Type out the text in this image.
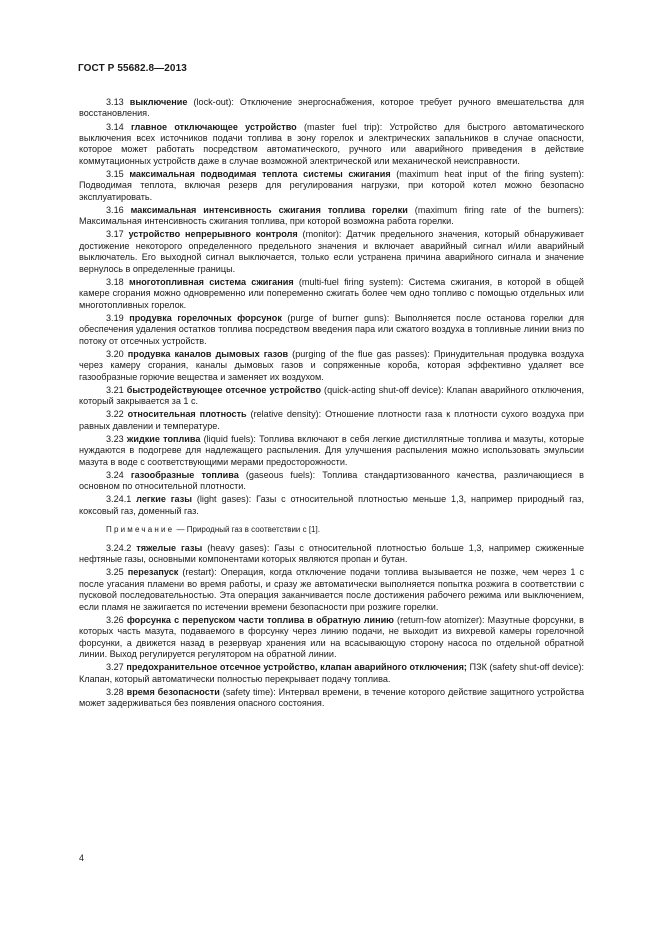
ГОСТ Р 55682.8—2013

3.13 выключение (lock-out): Отключение энергоснабжения, которое требует ручного вмешательства для восстановления.

3.14 главное отключающее устройство (master fuel trip): Устройство для быстрого автоматического выключения всех источников подачи топлива в зону горелок и электрических запальников в случае опасности, которое может работать посредством автоматического, ручного или аварийного приведения в действие коммутационных устройств даже в случае возможной электрической или механической неисправности.

3.15 максимальная подводимая теплота системы сжигания (maximum heat input of the firing system): Подводимая теплота, включая резерв для регулирования нагрузки, при которой котел можно безопасно эксплуатировать.

3.16 максимальная интенсивность сжигания топлива горелки (maximum firing rate of the burners): Максимальная интенсивность сжигания топлива, при которой возможна работа горелки.

3.17 устройство непрерывного контроля (monitor): Датчик предельного значения, который обнаруживает достижение некоторого определенного предельного значения и включает аварийный сигнал и/или аварийный выключатель. Его выходной сигнал выключается, только если устранена причина аварийного сигнала и значение вернулось в определенные границы.

3.18 многотопливная система сжигания (multi-fuel firing system): Система сжигания, в которой в общей камере сгорания можно одновременно или попеременно сжигать более чем одно топливо с помощью отдельных или многотопливных горелок.

3.19 продувка горелочных форсунок (purge of burner guns): Выполняется после останова горелки для обеспечения удаления остатков топлива посредством введения пара или сжатого воздуха в топливные линии вниз по потоку от отсечных устройств.

3.20 продувка каналов дымовых газов (purging of the flue gas passes): Принудительная продувка воздуха через камеру сгорания, каналы дымовых газов и сопряженные короба, которая эффективно удаляет все газообразные горючие вещества и заменяет их воздухом.

3.21 быстродействующее отсечное устройство (quick-acting shut-off device): Клапан аварийного отключения, который закрывается за 1 с.

3.22 относительная плотность (relative density): Отношение плотности газа к плотности сухого воздуха при равных давлении и температуре.

3.23 жидкие топлива (liquid fuels): Топлива включают в себя легкие дистиллятные топлива и мазуты, которые нуждаются в подогреве для надлежащего распыления. Для улучшения распыления можно использовать эмульсии мазута в воде с соответствующими мерами предосторожности.

3.24 газообразные топлива (gaseous fuels): Топлива стандартизованного качества, различающиеся в основном по относительной плотности.

3.24.1 легкие газы (light gases): Газы с относительной плотностью меньше 1,3, например природный газ, коксовый газ, доменный газ.

Примечание — Природный газ в соответствии с [1].

3.24.2 тяжелые газы (heavy gases): Газы с относительной плотностью больше 1,3, например сжиженные нефтяные газы, основными компонентами которых являются пропан и бутан.

3.25 перезапуск (restart): Операция, когда отключение подачи топлива вызывается не позже, чем через 1 с после угасания пламени во время работы, и сразу же автоматически выполняется попытка розжига в соответствии с пусковой последовательностью. Эта операция заканчивается после достижения рабочего режима или выключением, если пламя не зажигается по истечении времени безопасности при розжиге горелки.

3.26 форсунка с перепуском части топлива в обратную линию (return-fow atomizer): Мазутные форсунки, в которых часть мазута, подаваемого в форсунку через линию подачи, не выходит из вихревой камеры горелочной форсунки, а движется назад в резервуар хранения или на всасывающую сторону насоса по отдельной обратной линии. Выход регулируется регулятором на обратной линии.

3.27 предохранительное отсечное устройство, клапан аварийного отключения; ПЗК (safety shut-off device): Клапан, который автоматически полностью перекрывает подачу топлива.

3.28 время безопасности (safety time): Интервал времени, в течение которого действие защитного устройства может задерживаться без появления опасного состояния.

4
